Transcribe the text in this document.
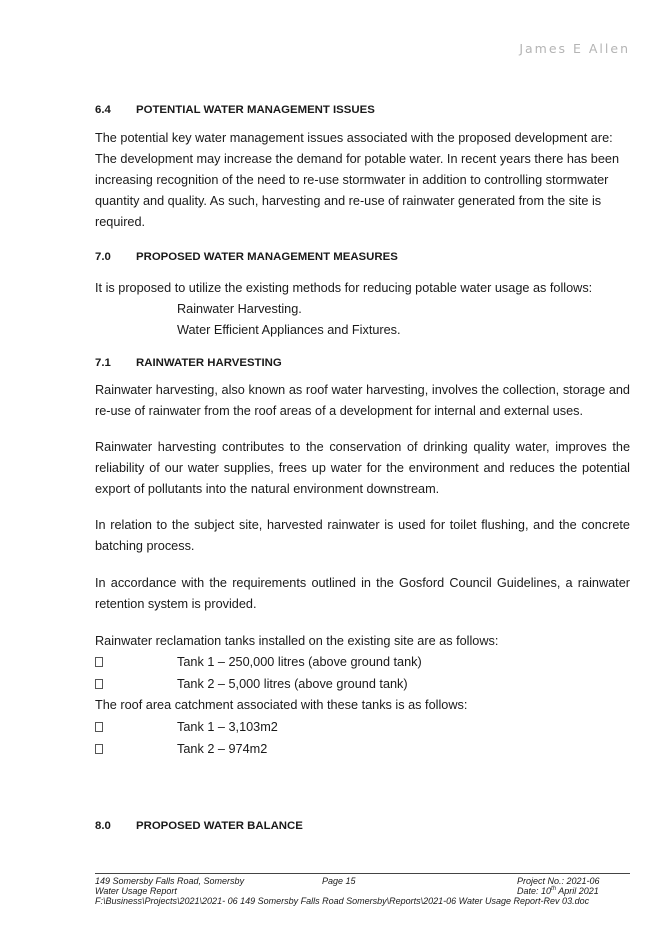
James E Allen
6.4 POTENTIAL WATER MANAGEMENT ISSUES

The potential key water management issues associated with the proposed development are: The development may increase the demand for potable water. In recent years there has been increasing recognition of the need to re-use stormwater in addition to controlling stormwater quantity and quality. As such, harvesting and re-use of rainwater generated from the site is required.

7.0 PROPOSED WATER MANAGEMENT MEASURES
It is proposed to utilize the existing methods for reducing potable water usage as follows:
Rainwater Harvesting.
Water Efficient Appliances and Fixtures.
7.1 RAINWATER HARVESTING

Rainwater harvesting, also known as roof water harvesting, involves the collection, storage and re-use of rainwater from the roof areas of a development for internal and external uses.

Rainwater harvesting contributes to the conservation of drinking quality water, improves the reliability of our water supplies, frees up water for the environment and reduces the potential export of pollutants into the natural environment downstream.

In relation to the subject site, harvested rainwater is used for toilet flushing, and the concrete batching process.

In accordance with the requirements outlined in the Gosford Council Guidelines, a rainwater retention system is provided.

Rainwater reclamation tanks installed on the existing site are as follows:
Tank 1 – 250,000 litres (above ground tank)
Tank 2 – 5,000 litres (above ground tank)
The roof area catchment associated with these tanks is as follows:
Tank 1 – 3,103m2
Tank 2 – 974m2
8.0 PROPOSED WATER BALANCE
149 Somersby Falls Road, Somersby
Water Usage Report
F:\Business\Projects\2021\2021- 06 149 Somersby Falls Road Somersby\Reports\2021-06 Water Usage Report-Rev 03.doc
Page 15	Project No.: 2021-06
Date: 10th April 2021
